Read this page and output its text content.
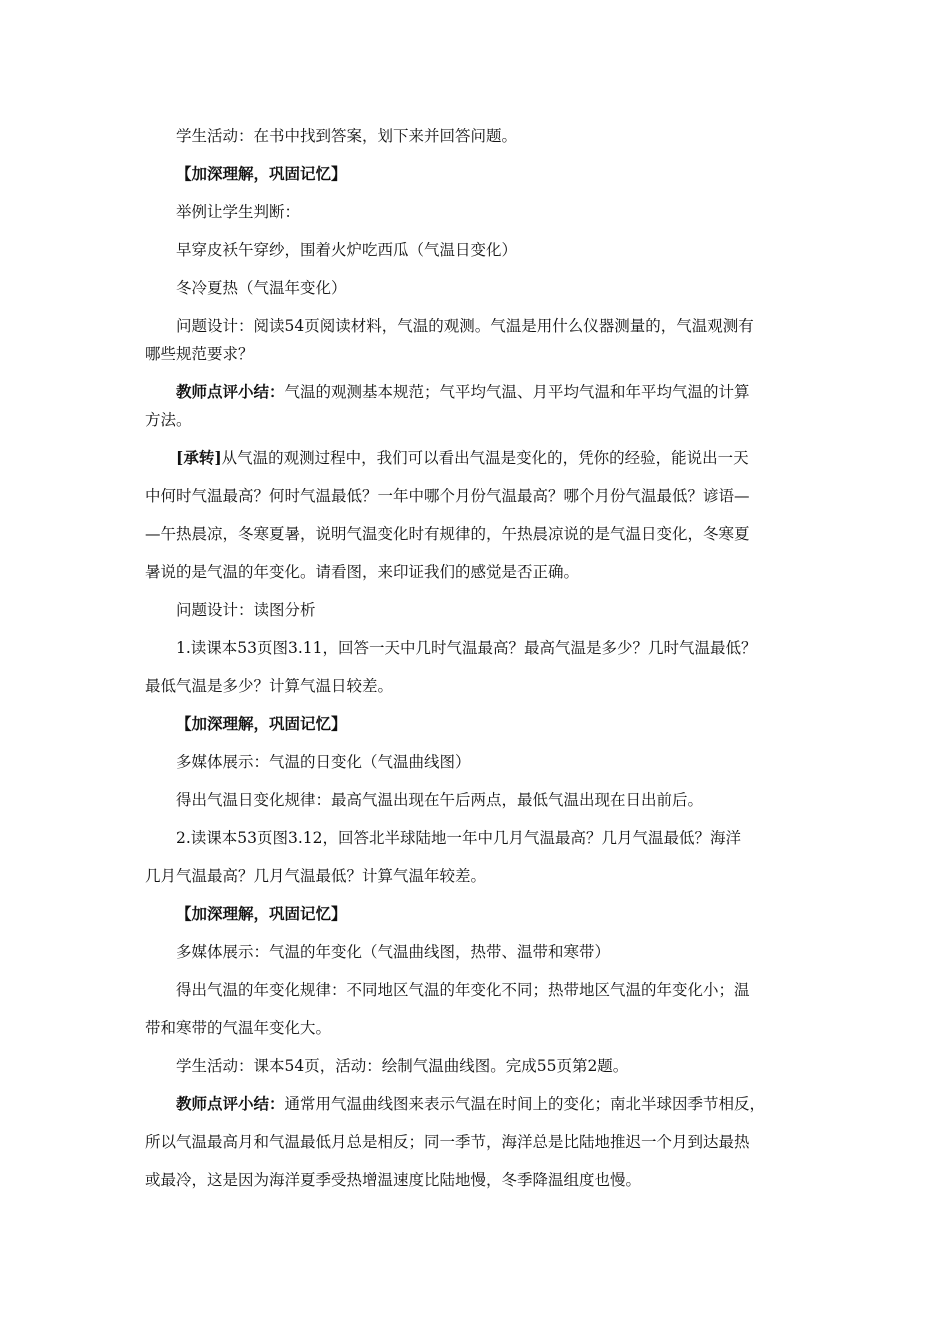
学生活动：在书中找到答案，划下来并回答问题。

【加深理解，巩固记忆】

举例让学生判断：

早穿皮袄午穿纱，围着火炉吃西瓜（气温日变化）

冬冷夏热（气温年变化）

问题设计：阅读54页阅读材料，气温的观测。气温是用什么仪器测量的，气温观测有

哪些规范要求？

教师点评小结：气温的观测基本规范；气平均气温、月平均气温和年平均气温的计算

方法。

[承转]从气温的观测过程中，我们可以看出气温是变化的，凭你的经验，能说出一天

中何时气温最高？何时气温最低？一年中哪个月份气温最高？哪个月份气温最低？谚语—

—午热晨凉，冬寒夏暑，说明气温变化时有规律的，午热晨凉说的是气温日变化，冬寒夏

暑说的是气温的年变化。请看图，来印证我们的感觉是否正确。

问题设计：读图分析

1.读课本53页图3.11，回答一天中几时气温最高？最高气温是多少？几时气温最低？

最低气温是多少？计算气温日较差。

【加深理解，巩固记忆】

多媒体展示：气温的日变化（气温曲线图）

得出气温日变化规律：最高气温出现在午后两点，最低气温出现在日出前后。

2.读课本53页图3.12，回答北半球陆地一年中几月气温最高？几月气温最低？海洋

几月气温最高？几月气温最低？计算气温年较差。

【加深理解，巩固记忆】

多媒体展示：气温的年变化（气温曲线图，热带、温带和寒带）

得出气温的年变化规律：不同地区气温的年变化不同；热带地区气温的年变化小；温

带和寒带的气温年变化大。

学生活动：课本54页，活动：绘制气温曲线图。完成55页第2题。

教师点评小结：通常用气温曲线图来表示气温在时间上的变化；南北半球因季节相反，

所以气温最高月和气温最低月总是相反；同一季节，海洋总是比陆地推迟一个月到达最热

或最冷，这是因为海洋夏季受热增温速度比陆地慢，冬季降温组度也慢。
